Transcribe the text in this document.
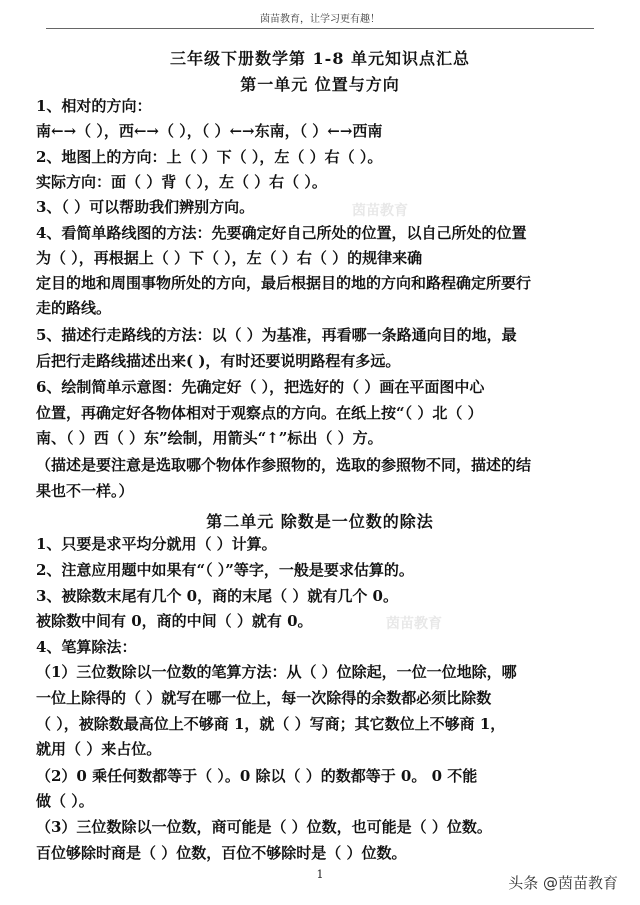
茵苗教育，让学习更有趣！
三年级下册数学第 1-8 单元知识点汇总
第一单元 位置与方向
1、相对的方向：
南←→（ ），西←→（ ），（ ）←→东南，（ ）←→西南
2、地图上的方向：上（ ）下（ ），左（ ）右（ ）。
实际方向：面（ ）背（ ），左（ ）右（ ）。
3、（ ）可以帮助我们辨别方向。
4、看简单路线图的方法：先要确定好自己所处的位置，以自己所处的位置
为（ ），再根据上（ ）下（ ），左（ ）右（ ）的规律来确
定目的地和周围事物所处的方向，最后根据目的地的方向和路程确定所要行
走的路线。
5、描述行走路线的方法：以（ ）为基准，再看哪一条路通向目的地，最
后把行走路线描述出来( )，有时还要说明路程有多远。
6、绘制简单示意图：先确定好（ ），把选好的（ ）画在平面图中心
位置，再确定好各物体相对于观察点的方向。在纸上按“（ ）北（ ）
南、（ ）西（ ）东”绘制，用箭头“↑”标出（ ）方。
（描述是要注意是选取哪个物体作参照物的，选取的参照物不同，描述的结
果也不一样。）
第二单元 除数是一位数的除法
1、只要是求平均分就用（ ）计算。
2、注意应用题中如果有“（ ）”等字，一般是要求估算的。
3、被除数末尾有几个 0，商的末尾（ ）就有几个 0。
被除数中间有 0，商的中间（ ）就有 0。
4、笔算除法：
（1）三位数除以一位数的笔算方法：从（ ）位除起，一位一位地除，哪
一位上除得的（ ）就写在哪一位上，每一次除得的余数都必须比除数
（ ），被除数最高位上不够商 1，就（ ）写商；其它数位上不够商 1，
就用（ ）来占位。
（2）0 乘任何数都等于（ ）。0 除以（ ）的数都等于 0。 0 不能
做（ ）。
（3）三位数除以一位数，商可能是（ ）位数，也可能是（ ）位数。
百位够除时商是（ ）位数，百位不够除时是（ ）位数。
茵苗教育
茵苗教育
1	头条 @茵苗教育
